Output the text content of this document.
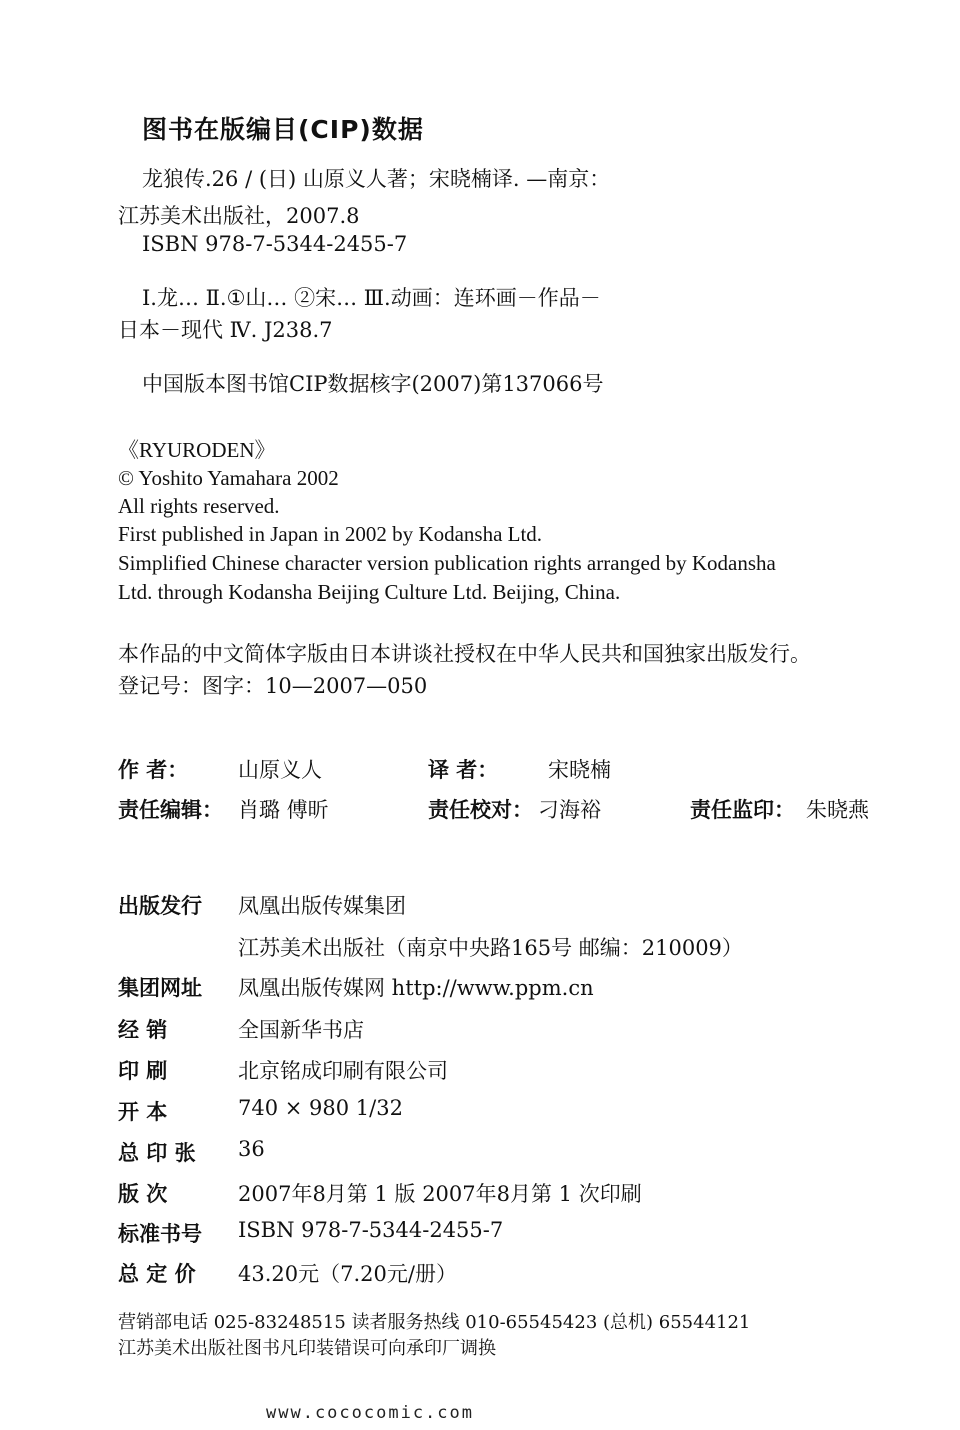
图书在版编目(CIP)数据
龙狼传.26 / (日) 山原义人著；宋晓楠译. —南京：
江苏美术出版社，2007.8
ISBN 978-7-5344-2455-7
Ⅰ.龙… Ⅱ.①山… ②宋… Ⅲ.动画：连环画－作品－
日本－现代 Ⅳ. J238.7
中国版本图书馆CIP数据核字(2007)第137066号
《RYURODEN》
© Yoshito Yamahara 2002
All rights reserved.
First published in Japan in 2002 by Kodansha Ltd.
Simplified Chinese character version publication rights arranged by Kodansha
Ltd. through Kodansha Beijing Culture Ltd. Beijing, China.
本作品的中文简体字版由日本讲谈社授权在中华人民共和国独家出版发行。
登记号：图字：10—2007—050
作 者： 山原义人	译 者： 宋晓楠
责任编辑： 肖璐 傅昕	责任校对： 刁海裕	责任监印： 朱晓燕
出版发行 凤凰出版传媒集团
江苏美术出版社（南京中央路165号 邮编：210009）
集团网址 凤凰出版传媒网 http://www.ppm.cn
经 销	全国新华书店
印 刷	北京铭成印刷有限公司
开 本	740 × 980 1/32
总 印 张 36
版 次	2007年8月第 1 版 2007年8月第 1 次印刷
标准书号 ISBN 978-7-5344-2455-7
总 定 价 43.20元（7.20元/册）
营销部电话 025-83248515 读者服务热线 010-65545423 (总机) 65544121
江苏美术出版社图书凡印装错误可向承印厂调换
www.cococomic.com
